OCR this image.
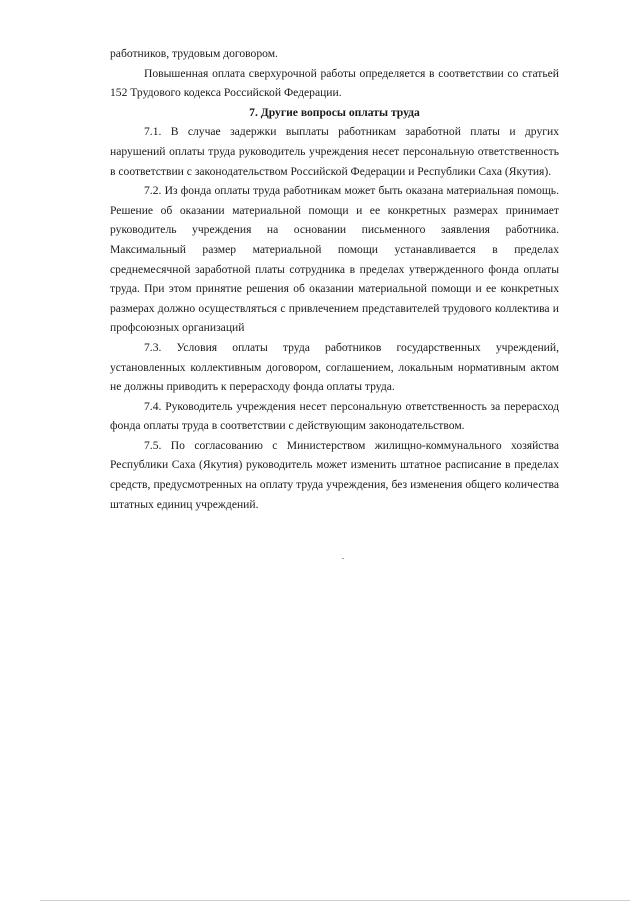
работников, трудовым договором.

Повышенная оплата сверхурочной работы определяется в соответствии со статьей 152 Трудового кодекса Российской Федерации.

7. Другие вопросы оплаты труда

7.1. В случае задержки выплаты работникам заработной платы и других нарушений оплаты труда руководитель учреждения несет персональную ответственность в соответствии с законодательством Российской Федерации и Республики Саха (Якутия).

7.2. Из фонда оплаты труда работникам может быть оказана материальная помощь. Решение об оказании материальной помощи и ее конкретных размерах принимает руководитель учреждения на основании письменного заявления работника. Максимальный размер материальной помощи устанавливается в пределах среднемесячной заработной платы сотрудника в пределах утвержденного фонда оплаты труда. При этом принятие решения об оказании материальной помощи и ее конкретных размерах должно осуществляться с привлечением представителей трудового коллектива и профсоюзных организаций

7.3. Условия оплаты труда работников государственных учреждений, установленных коллективным договором, соглашением, локальным нормативным актом не должны приводить к перерасходу фонда оплаты труда.

7.4. Руководитель учреждения несет персональную ответственность за перерасход фонда оплаты труда в соответствии с действующим законодательством.

7.5. По согласованию с Министерством жилищно-коммунального хозяйства Республики Саха (Якутия) руководитель может изменить штатное расписание в пределах средств, предусмотренных на оплату труда учреждения, без изменения общего количества штатных единиц учреждений.
